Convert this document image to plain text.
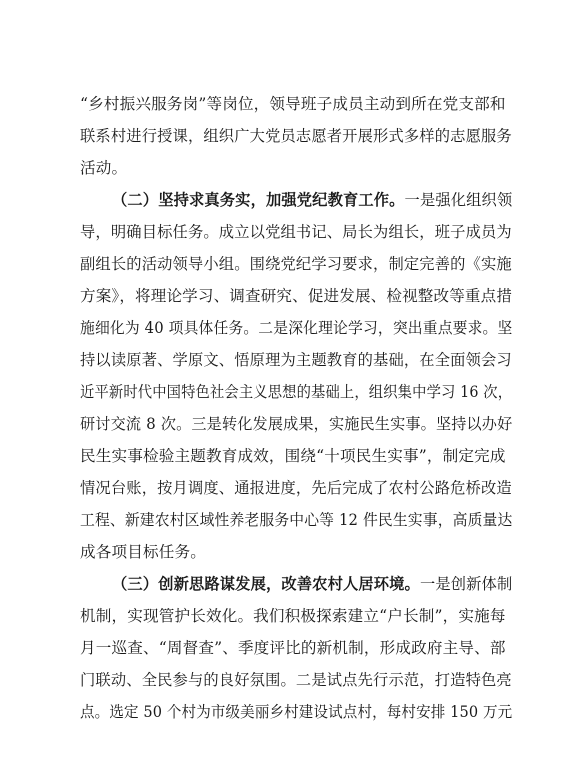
“乡村振兴服务岗”等岗位，领导班子成员主动到所在党支部和
联系村进行授课，组织广大党员志愿者开展形式多样的志愿服务
活动。
（二）坚持求真务实，加强党纪教育工作。一是强化组织领
导，明确目标任务。成立以党组书记、局长为组长，班子成员为
副组长的活动领导小组。围绕党纪学习要求，制定完善的《实施
方案》，将理论学习、调查研究、促进发展、检视整改等重点措
施细化为 40 项具体任务。二是深化理论学习，突出重点要求。坚
持以读原著、学原文、悟原理为主题教育的基础，在全面领会习
近平新时代中国特色社会主义思想的基础上，组织集中学习 16 次，
研讨交流 8 次。三是转化发展成果，实施民生实事。坚持以办好
民生实事检验主题教育成效，围绕“十项民生实事”，制定完成
情况台账，按月调度、通报进度，先后完成了农村公路危桥改造
工程、新建农村区域性养老服务中心等 12 件民生实事，高质量达
成各项目标任务。
（三）创新思路谋发展，改善农村人居环境。一是创新体制
机制，实现管护长效化。我们积极探索建立“户长制”，实施每
月一巡查、“周督查”、季度评比的新机制，形成政府主导、部
门联动、全民参与的良好氛围。二是试点先行示范，打造特色亮
点。选定 50 个村为市级美丽乡村建设试点村，每村安排 150 万元
